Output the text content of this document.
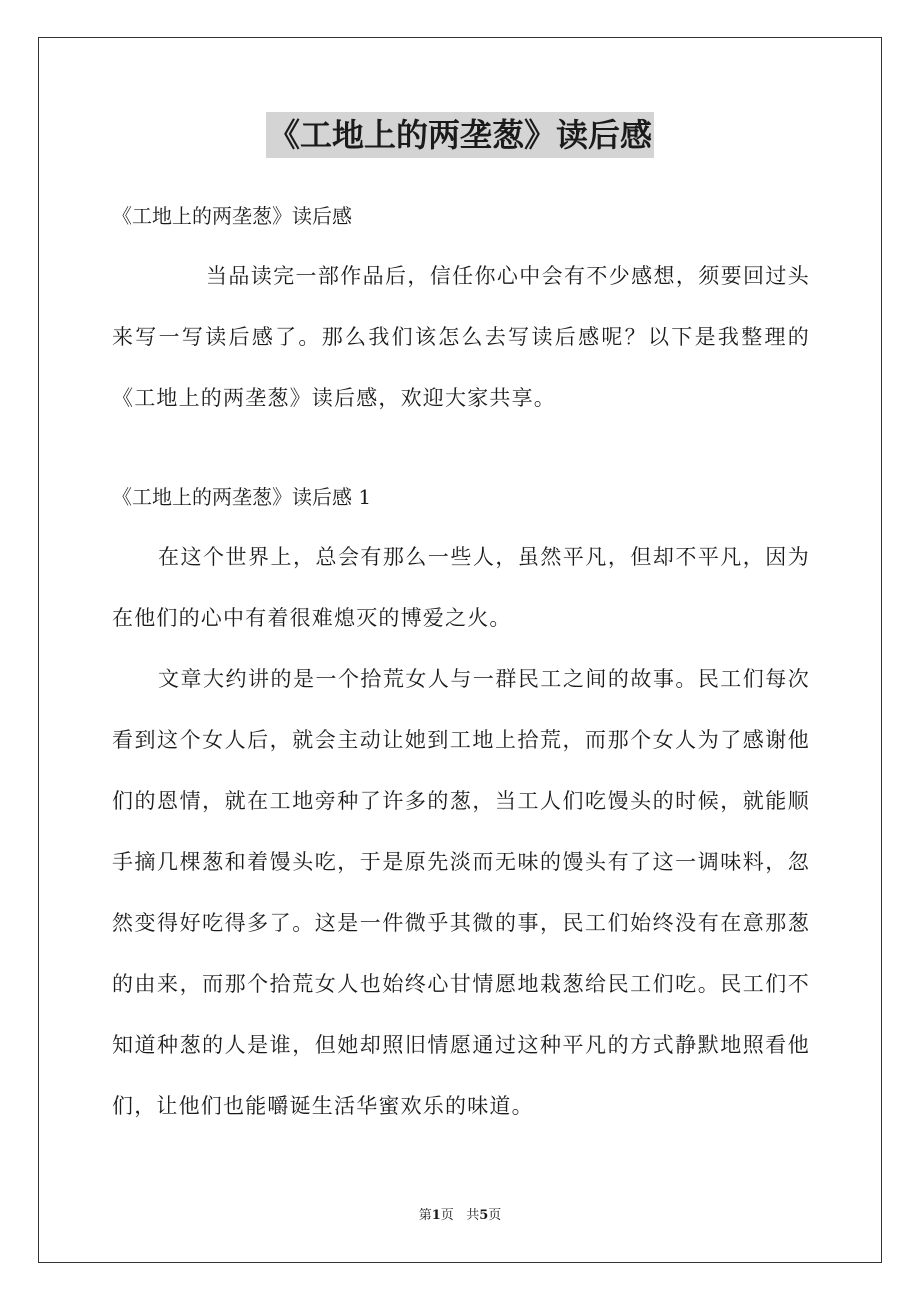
《工地上的两垄葱》读后感
《工地上的两垄葱》读后感

当品读完一部作品后，信任你心中会有不少感想，须要回过头来写一写读后感了。那么我们该怎么去写读后感呢？以下是我整理的《工地上的两垄葱》读后感，欢迎大家共享。

《工地上的两垄葱》读后感 1

在这个世界上，总会有那么一些人，虽然平凡，但却不平凡，因为在他们的心中有着很难熄灭的博爱之火。

文章大约讲的是一个拾荒女人与一群民工之间的故事。民工们每次看到这个女人后，就会主动让她到工地上拾荒，而那个女人为了感谢他们的恩情，就在工地旁种了许多的葱，当工人们吃馒头的时候，就能顺手摘几棵葱和着馒头吃，于是原先淡而无味的馒头有了这一调味料，忽然变得好吃得多了。这是一件微乎其微的事，民工们始终没有在意那葱的由来，而那个拾荒女人也始终心甘情愿地栽葱给民工们吃。民工们不知道种葱的人是谁，但她却照旧情愿通过这种平凡的方式静默地照看他们，让他们也能嚼诞生活华蜜欢乐的味道。

第1页 共5页
